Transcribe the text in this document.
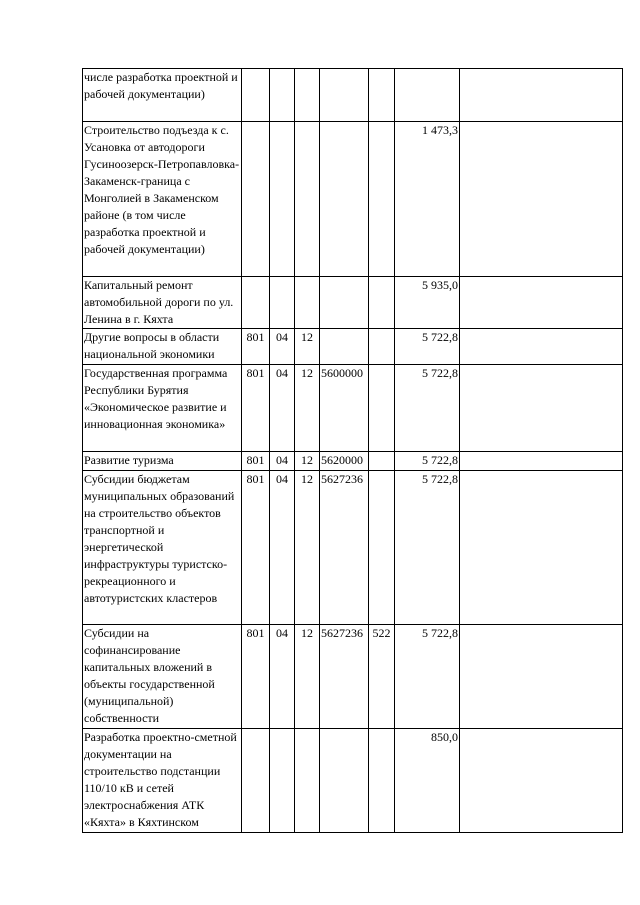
числе разработка проектной и рабочей документации)							
Строительство подъезда к с. Усановка от автодороги Гусиноозерск-Петропавловка-Закаменск-граница с Монголией в Закаменском районе (в том числе разработка проектной и рабочей документации)						1 473,3	
Капитальный ремонт автомобильной дороги по ул. Ленина в г. Кяхта						5 935,0	
Другие вопросы в области национальной экономики	801	04	12			5 722,8	
Государственная программа Республики Бурятия «Экономическое развитие и инновационная экономика»	801	04	12	5600000		5 722,8	
Развитие туризма	801	04	12	5620000		5 722,8	
Субсидии бюджетам муниципальных образований на строительство объектов транспортной и энергетической инфраструктуры туристско-рекреационного и автотуристских кластеров	801	04	12	5627236		5 722,8	
Субсидии на софинансирование капитальных вложений в объекты государственной (муниципальной) собственности	801	04	12	5627236	522	5 722,8	
Разработка проектно-сметной документации на строительство подстанции 110/10 кВ и сетей электроснабжения АТК «Кяхта» в Кяхтинском						850,0	
